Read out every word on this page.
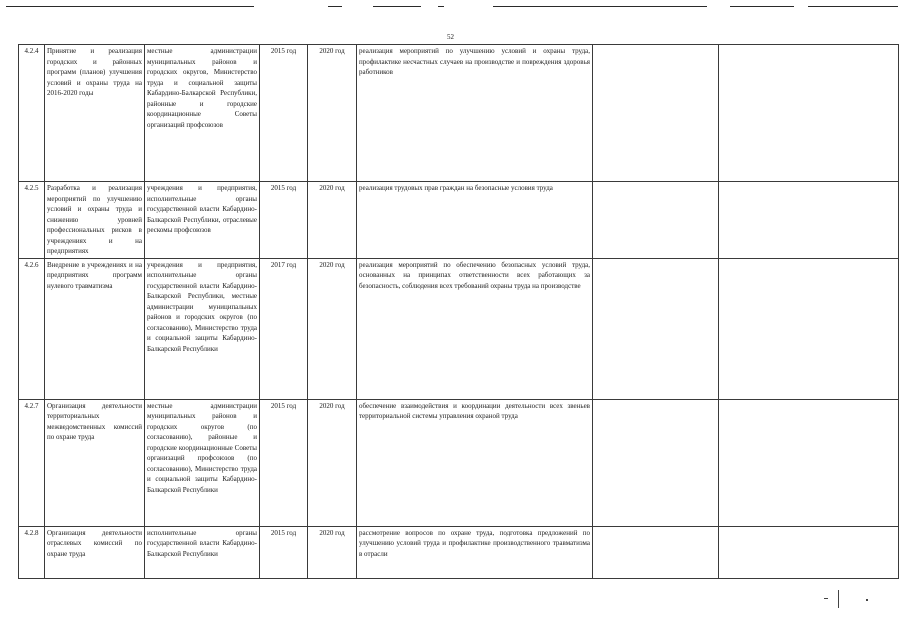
52
4.2.4	Принятие и реализация городских и районных программ (планов) улучшения условий и охраны труда на 2016-2020 годы	местные администрации муниципальных районов и городских округов, Министерство труда и социальной защиты Кабардино-Балкарской Республики, районные и городские координационные Советы организаций профсоюзов	2015 год	2020 год	реализация мероприятий по улучшению условий и охраны труда, профилактике несчастных случаев на производстве и повреждения здоровья работников		
4.2.5	Разработка и реализация мероприятий по улучшению условий и охраны труда и снижению уровней профессиональных рисков в учреждениях и на предприятиях	учреждения и предприятия, исполнительные органы государственной власти Кабардино-Балкарской Республики, отраслевые рескомы профсоюзов	2015 год	2020 год	реализация трудовых прав граждан на безопасные условия труда		
4.2.6	Внедрение в учреждениях и на предприятиях программ нулевого травматизма	учреждения и предприятия, исполнительные органы государственной власти Кабардино-Балкарской Республики, местные администрации муниципальных районов и городских округов (по согласованию), Министерство труда и социальной защиты Кабардино-Балкарской Республики	2017 год	2020 год	реализация мероприятий по обеспечению безопасных условий труда, основанных на принципах ответственности всех работающих за безопасность, соблюдения всех требований охраны труда на производстве		
4.2.7	Организация деятельности территориальных межведомственных комиссий по охране труда	местные администрации муниципальных районов и городских округов (по согласованию), районные и городские координационные Советы организаций профсоюзов (по согласованию), Министерство труда и социальной защиты Кабардино-Балкарской Республики	2015 год	2020 год	обеспечение взаимодействия и координации деятельности всех звеньев территориальной системы управления охраной труда		
4.2.8	Организация деятельности отраслевых комиссий по охране труда	исполнительные органы государственной власти Кабардино-Балкарской Республики	2015 год	2020 год	рассмотрение вопросов по охране труда, подготовка предложений по улучшению условий труда и профилактике производственного травматизма в отрасли		
